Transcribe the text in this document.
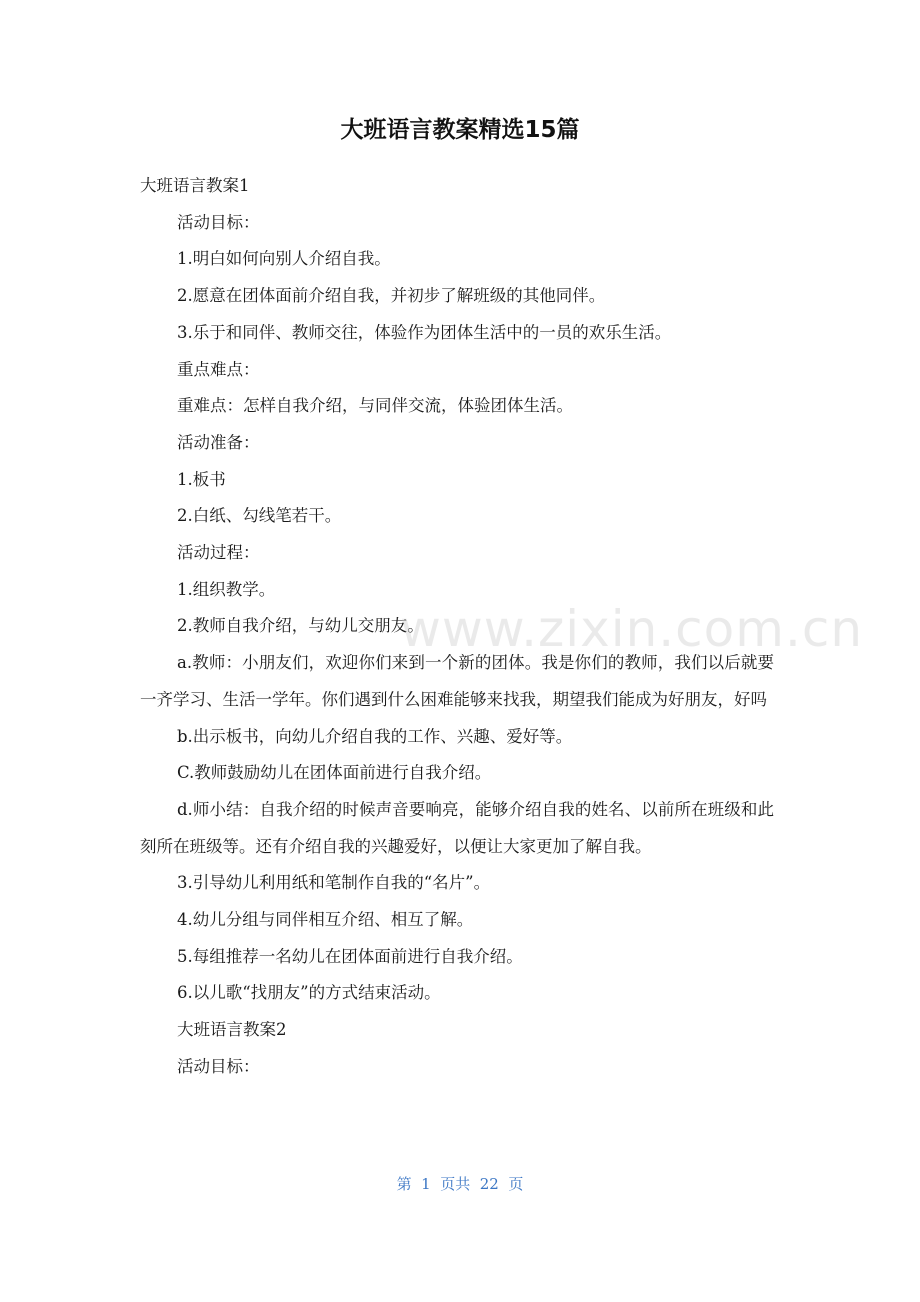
大班语言教案精选15篇

大班语言教案1

活动目标：

1.明白如何向别人介绍自我。

2.愿意在团体面前介绍自我，并初步了解班级的其他同伴。

3.乐于和同伴、教师交往，体验作为团体生活中的一员的欢乐生活。

重点难点：

重难点：怎样自我介绍，与同伴交流，体验团体生活。

活动准备：

1.板书

2.白纸、勾线笔若干。

活动过程：

1.组织教学。

2.教师自我介绍，与幼儿交朋友。

a.教师：小朋友们，欢迎你们来到一个新的团体。我是你们的教师，我们以后就要一齐学习、生活一学年。你们遇到什么困难能够来找我，期望我们能成为好朋友，好吗

b.出示板书，向幼儿介绍自我的工作、兴趣、爱好等。

C.教师鼓励幼儿在团体面前进行自我介绍。

d.师小结：自我介绍的时候声音要响亮，能够介绍自我的姓名、以前所在班级和此刻所在班级等。还有介绍自我的兴趣爱好，以便让大家更加了解自我。

3.引导幼儿利用纸和笔制作自我的“名片”。

4.幼儿分组与同伴相互介绍、相互了解。

5.每组推荐一名幼儿在团体面前进行自我介绍。

6.以儿歌“找朋友”的方式结束活动。

大班语言教案2

活动目标：

www.zixin.com.cn
第  1  页共  22  页
